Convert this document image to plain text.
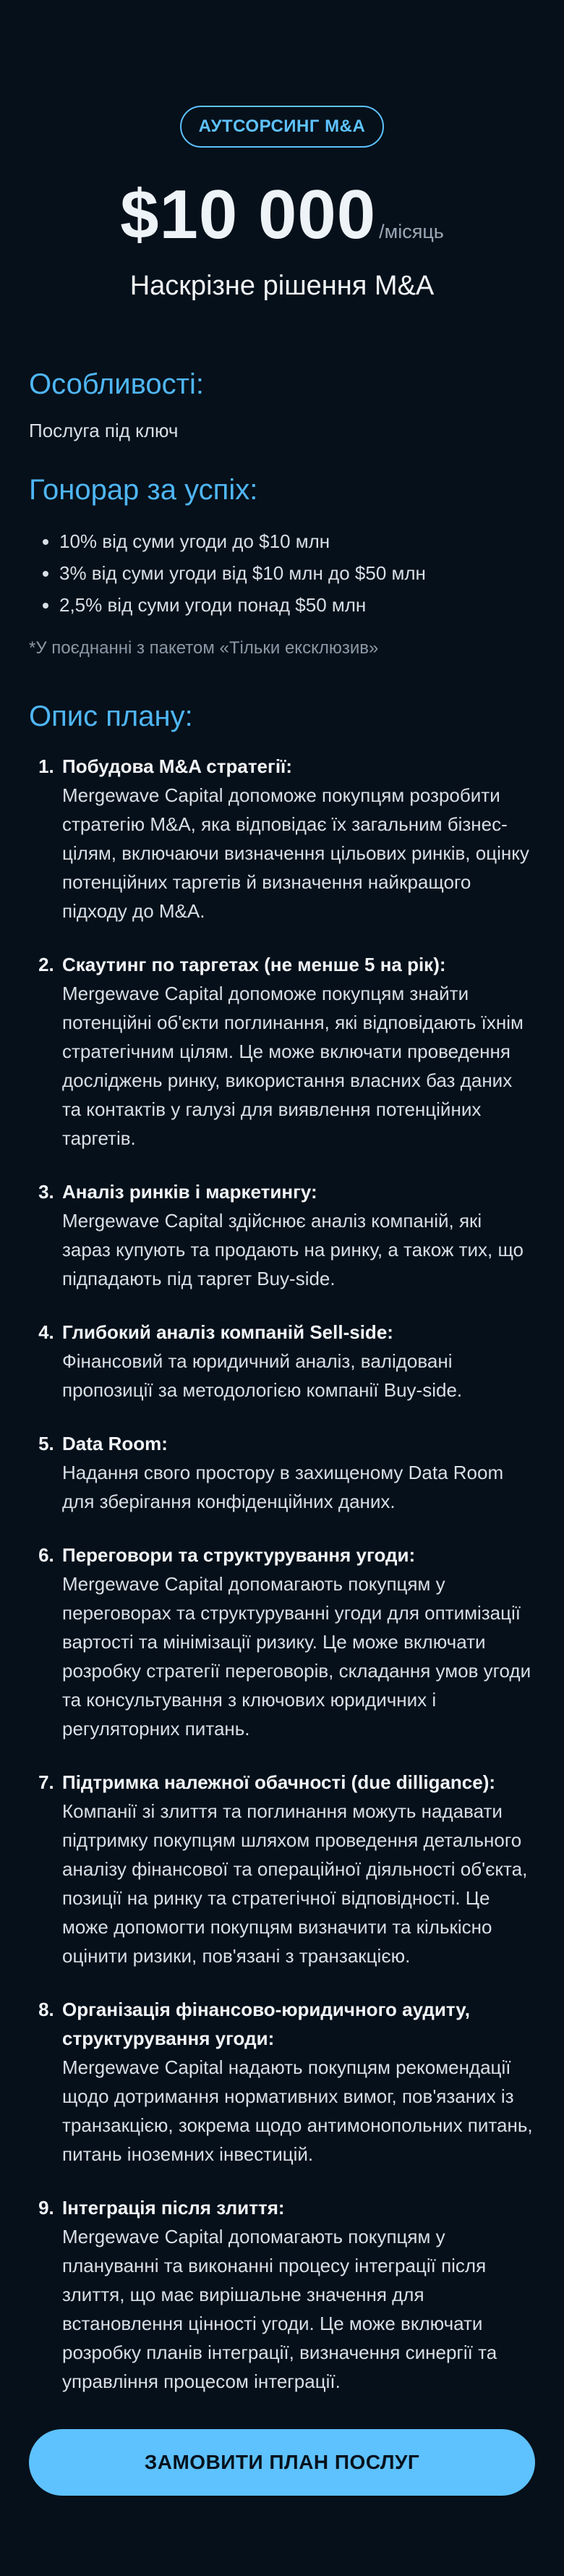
АУТСОРСИНГ M&A
$10 000 /місяць
Наскрізне рішення M&A
Особливості:
Послуга під ключ
Гонорар за успіх:
• 10% від суми угоди до $10 млн
• 3% від суми угоди від $10 млн до $50 млн
• 2,5% від суми угоди понад $50 млн
*У поєднанні з пакетом «Тільки ексклюзив»
Опис плану:
1. Побудова M&A стратегії:
Mergewave Capital допоможе покупцям розробити стратегію M&A, яка відповідає їх загальним бізнес-цілям, включаючи визначення цільових ринків, оцінку потенційних таргетів й визначення найкращого підходу до M&A.
2. Скаутинг по таргетах (не менше 5 на рік):
Mergewave Capital допоможе покупцям знайти потенційні об'єкти поглинання, які відповідають їхнім стратегічним цілям. Це може включати проведення досліджень ринку, використання власних баз даних та контактів у галузі для виявлення потенційних таргетів.
3. Аналіз ринків і маркетингу:
Mergewave Capital здійснює аналіз компаній, які зараз купують та продають на ринку, а також тих, що підпадають під таргет Buy-side.
4. Глибокий аналіз компаній Sell-side:
Фінансовий та юридичний аналіз, валідовані пропозиції за методологією компанії Buy-side.
5. Data Room:
Надання свого простору в захищеному Data Room для зберігання конфіденційних даних.
6. Переговори та структурування угоди:
Mergewave Capital допомагають покупцям у переговорах та структуруванні угоди для оптимізації вартості та мінімізації ризику. Це може включати розробку стратегії переговорів, складання умов угоди та консультування з ключових юридичних і регуляторних питань.
7. Підтримка належної обачності (due dilligance):
Компанії зі злиття та поглинання можуть надавати підтримку покупцям шляхом проведення детального аналізу фінансової та операційної діяльності об'єкта, позиції на ринку та стратегічної відповідності. Це може допомогти покупцям визначити та кількісно оцінити ризики, пов'язані з транзакцією.
8. Організація фінансово-юридичного аудиту, структурування угоди:
Mergewave Capital надають покупцям рекомендації щодо дотримання нормативних вимог, пов'язаних із транзакцією, зокрема щодо антимонопольних питань, питань іноземних інвестицій.
9. Інтеграція після злиття:
Mergewave Capital допомагають покупцям у плануванні та виконанні процесу інтеграції після злиття, що має вирішальне значення для встановлення цінності угоди. Це може включати розробку планів інтеграції, визначення синергії та управління процесом інтеграції.
ЗАМОВИТИ ПЛАН ПОСЛУГ
